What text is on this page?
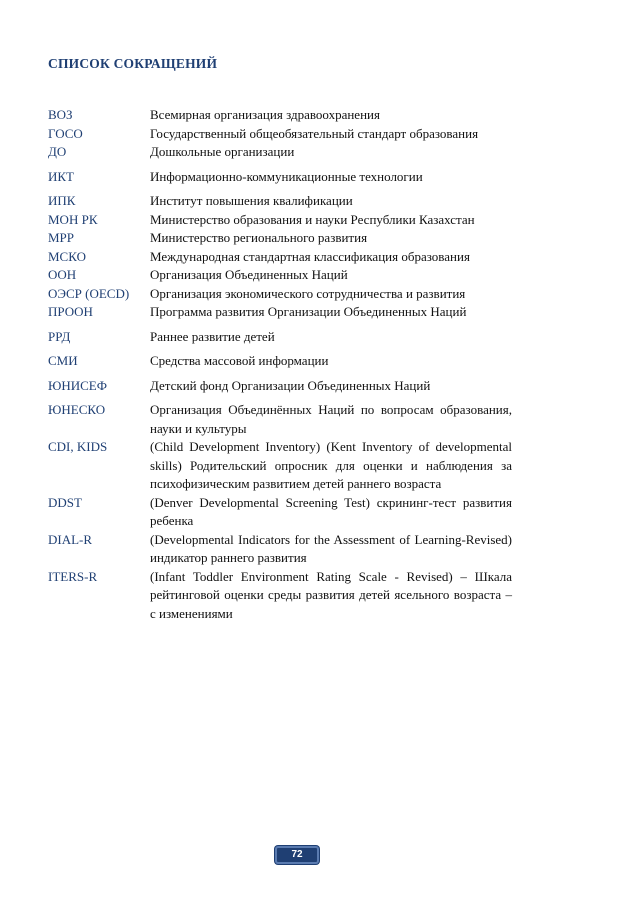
СПИСОК СОКРАЩЕНИЙ
ВОЗ	Всемирная организация здравоохранения
ГОСО	Государственный общеобязательный стандарт образования
ДО	Дошкольные организации
ИКТ	Информационно-коммуникационные технологии
ИПК	Институт повышения квалификации
МОН РК	Министерство образования и науки Республики Казахстан
МРР	Министерство регионального развития
МСКО	Международная стандартная классификация образования
ООН	Организация Объединенных Наций
ОЭСР (OECD)	Организация экономического сотрудничества и развития
ПРООН	Программа развития Организации Объединенных Наций
РРД	Раннее развитие детей
СМИ	Средства массовой информации
ЮНИСЕФ	Детский фонд Организации Объединенных Наций
ЮНЕСКО	Организация Объединённых Наций по вопросам образования, науки и культуры
CDI, KIDS	(Child Development Inventory) (Kent Inventory of developmental skills) Родительский опросник для оценки и наблюдения за психофизическим развитием детей раннего возраста
DDST	(Denver Developmental Screening Test) скрининг-тест развития ребенка
DIAL-R	(Developmental Indicators for the Assessment of Learning-Revised) индикатор раннего развития
ITERS-R	(Infant Toddler Environment Rating Scale - Revised) – Шкала рейтинговой оценки среды развития детей ясельного возраста – с изменениями
72
